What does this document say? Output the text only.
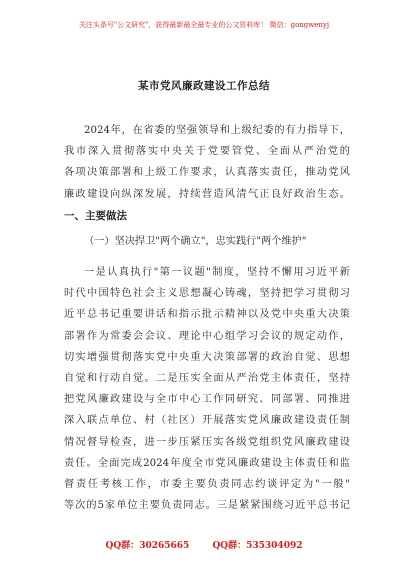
关注头条号"公文研究"，获得最新最全最专业的公文资料库！ 微信：gongwenyj
某市党风廉政建设工作总结
2024年，在省委的坚强领导和上级纪委的有力指导下，
我市深入贯彻落实中央关于党要管党、全面从严治党的
各项决策部署和上级工作要求，认真落实责任，推动党风
廉政建设向纵深发展，持续营造风清气正良好政治生态。
一、主要做法
（一）坚决捍卫"两个确立"，忠实践行"两个维护"
一是认真执行"第一议题"制度，坚持不懈用习近平新
时代中国特色社会主义思想凝心铸魂，坚持把学习贯彻习
近平总书记重要讲话和指示批示精神以及党中央重大决策
部署作为常委会会议、理论中心组学习会议的规定动作，
切实增强贯彻落实党中央重大决策部署的政治自觉、思想
自觉和行动自觉。二是压实全面从严治党主体责任，坚持
把党风廉政建设与全市中心工作同研究、同部署、同推进
深入联点单位、村（社区）开展落实党风廉政建设责任制
情况督导检查，进一步压紧压实各级党组织党风廉政建设
责任。全面完成2024年度全市党风廉政建设主体责任和监
督责任考核工作，市委主要负责同志约谈评定为"一般"
等次的5家单位主要负责同志。三是紧紧围绕习近平总书记
QQ群：30265665	QQ群：535304092
